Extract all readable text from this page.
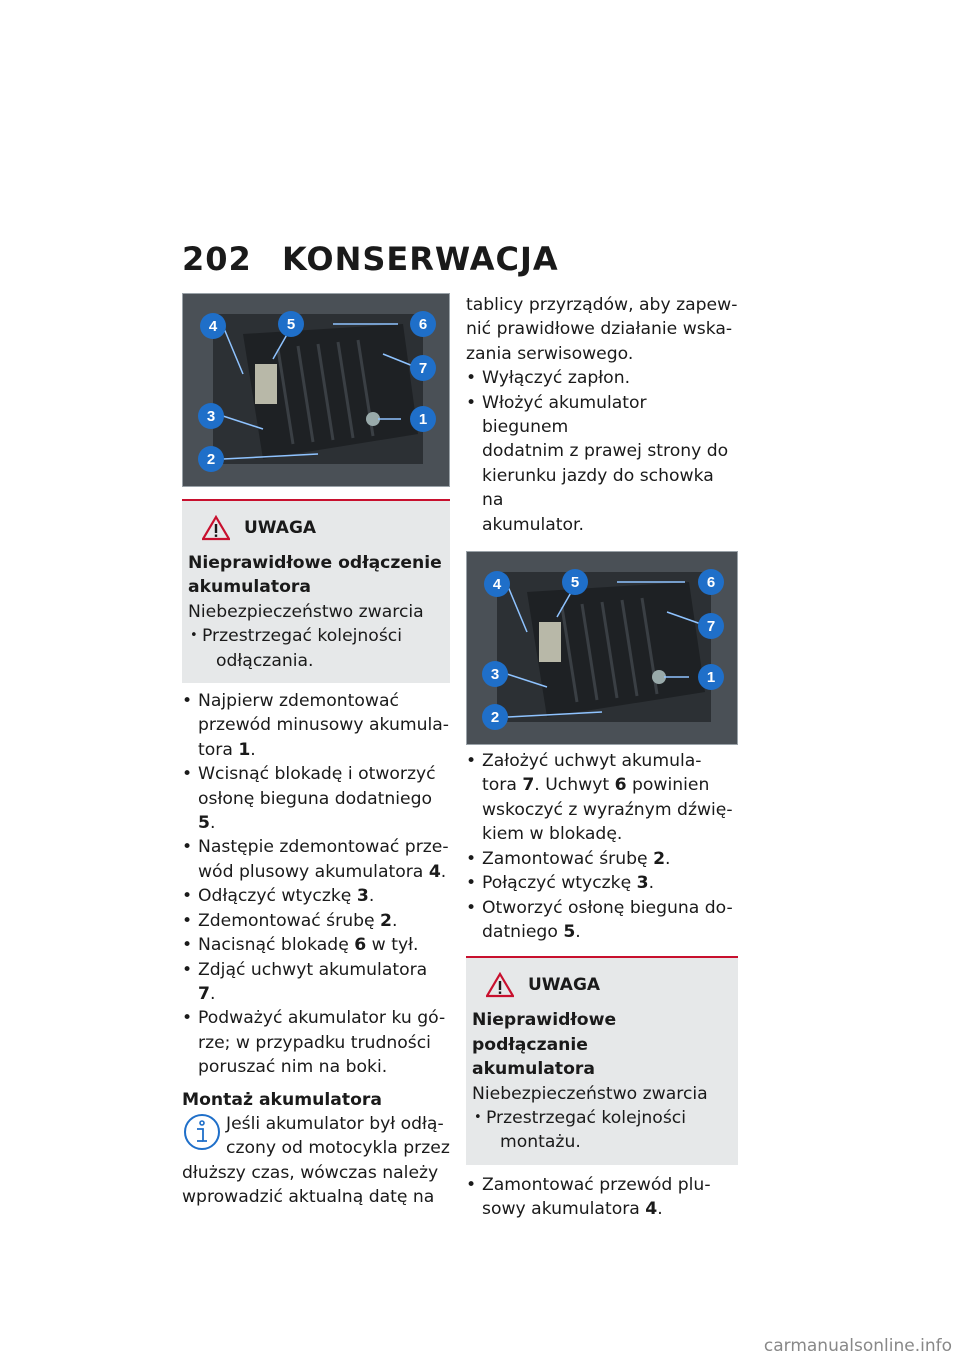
202 KONSERWACJA
4	5	6
7
1
3
2
UWAGA
Nieprawidłowe odłączenie
akumulatora
Niebezpieczeństwo zwarcia
• Przestrzegać kolejności
odłączania.
• Najpierw zdemontować
przewód minusowy akumula-
tora 1.
• Wcisnąć blokadę i otworzyć
osłonę bieguna dodatniego 5.
• Następie zdemontować prze-
wód plusowy akumulatora 4.
• Odłączyć wtyczkę 3.
• Zdemontować śrubę 2.
• Nacisnąć blokadę 6 w tył.
• Zdjąć uchwyt akumulatora 7.
• Podważyć akumulator ku gó-
rze; w przypadku trudności
poruszać nim na boki.
Montaż akumulatora
Jeśli akumulator był odłą-
czony od motocykla przez
dłuższy czas, wówczas należy
wprowadzić aktualną datę na
tablicy przyrządów, aby zapew-
nić prawidłowe działanie wska-
zania serwisowego.
• Wyłączyć zapłon.
• Włożyć akumulator biegunem
dodatnim z prawej strony do
kierunku jazdy do schowka na
akumulator.
4	5	6
7
1
3
2
• Założyć uchwyt akumula-
tora 7. Uchwyt 6 powinien
wskoczyć z wyraźnym dźwię-
kiem w blokadę.
• Zamontować śrubę 2.
• Połączyć wtyczkę 3.
• Otworzyć osłonę bieguna do-
datniego 5.
UWAGA
Nieprawidłowe podłączanie
akumulatora
Niebezpieczeństwo zwarcia
• Przestrzegać kolejności
montażu.
• Zamontować przewód plu-
sowy akumulatora 4.
carmanualsonline.info
